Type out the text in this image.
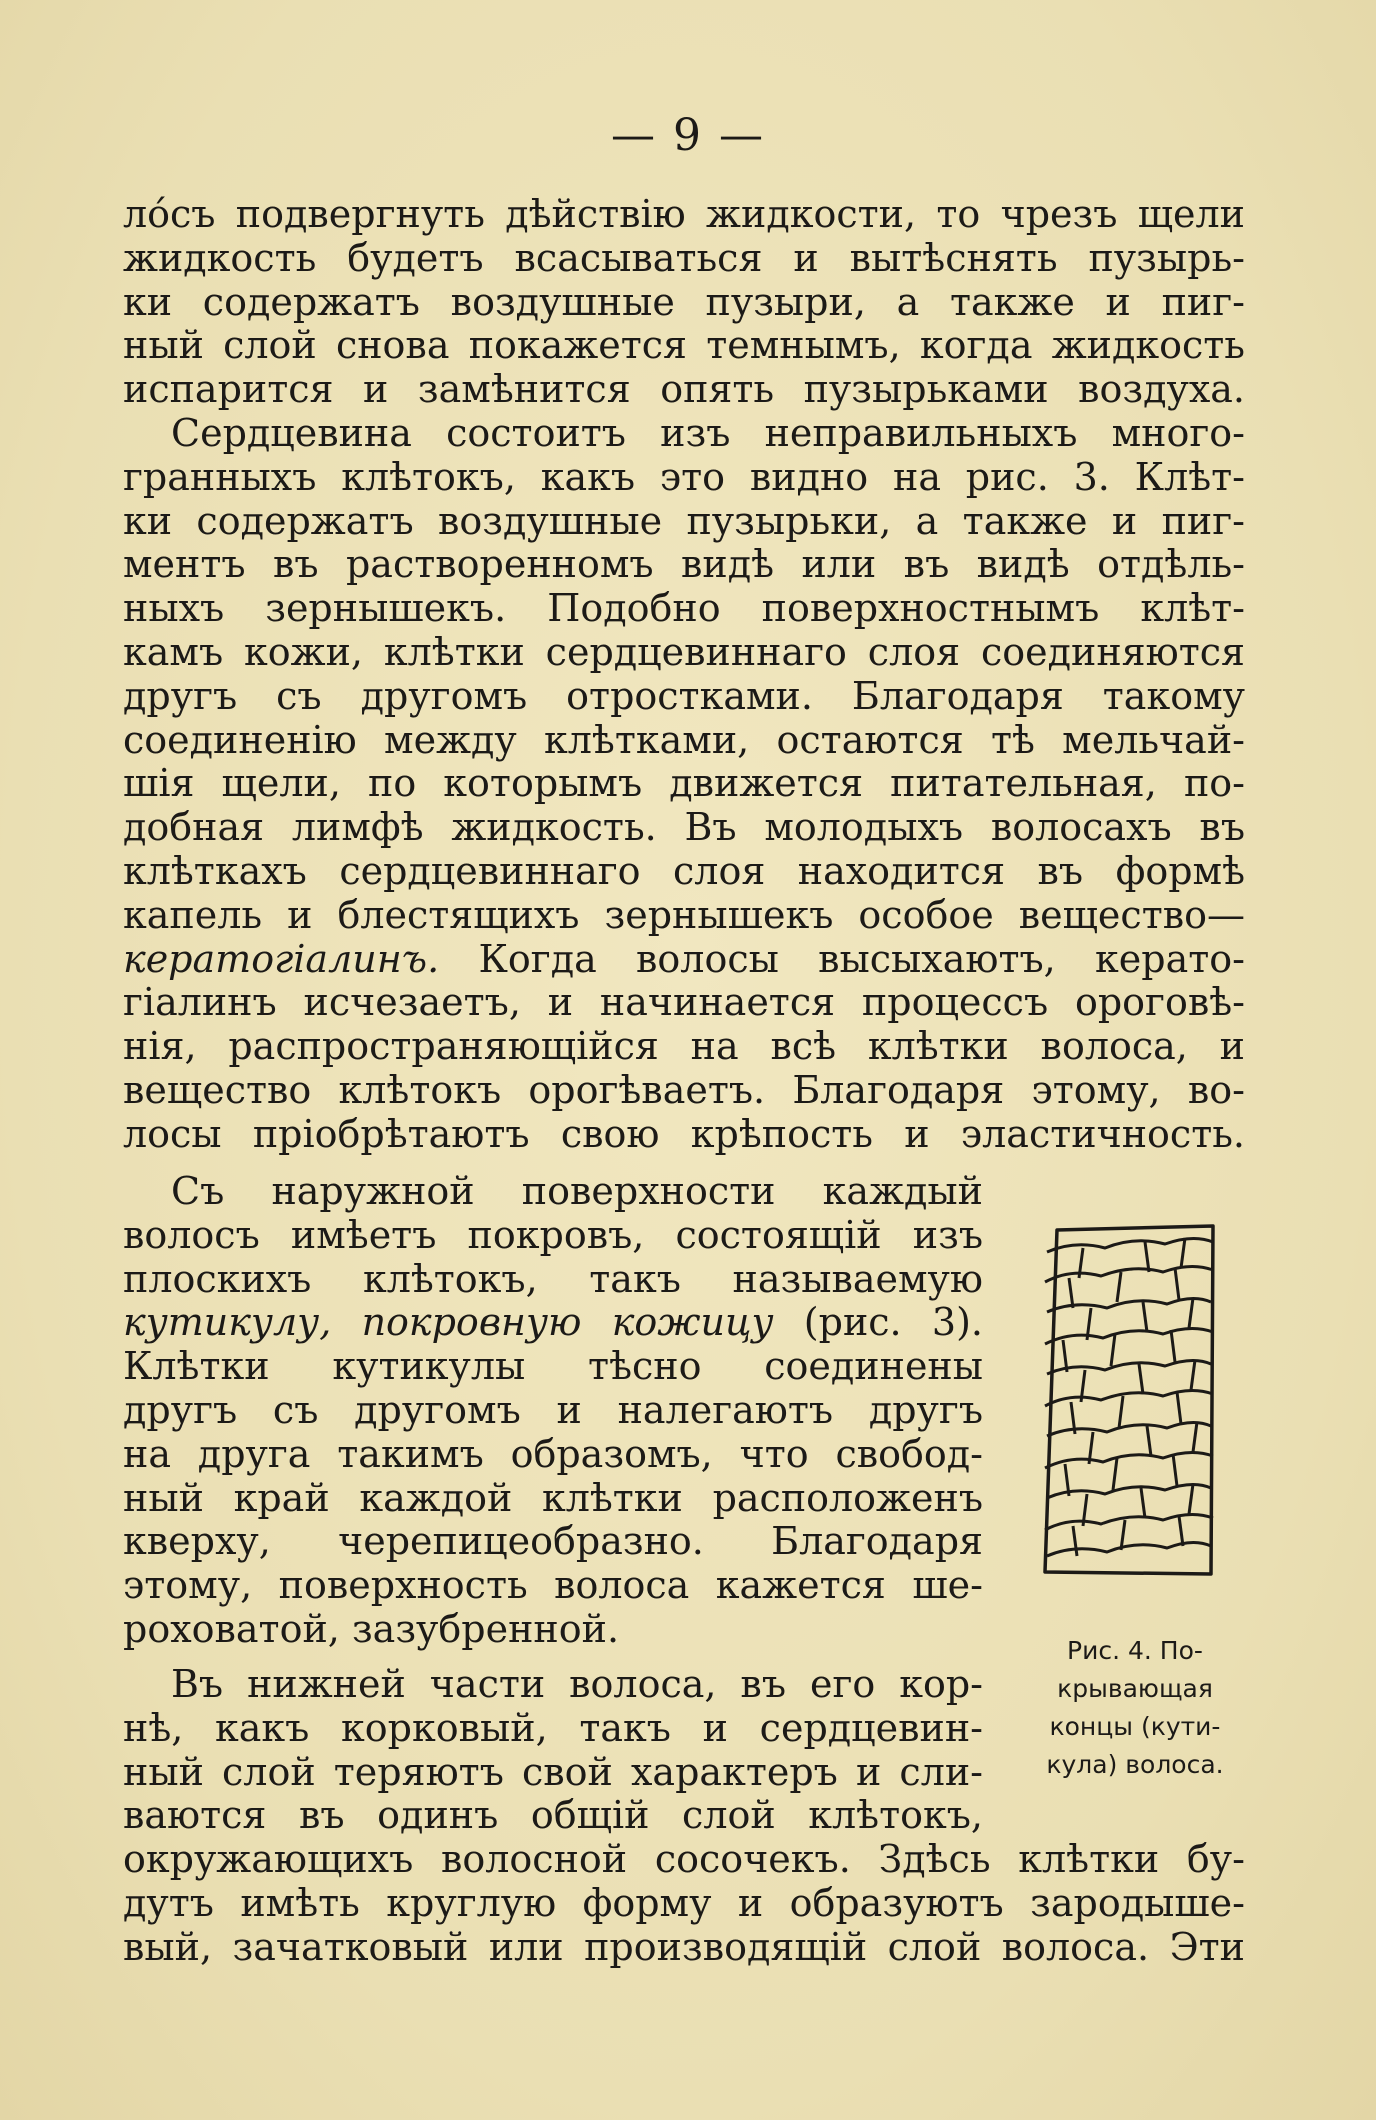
— 9 —
ло́съ подвергнуть дѣйствію жидкости, то чрезъ щели
жидкость будетъ всасываться и вытѣснять пузырь-
ки содержатъ воздушные пузыри, а также и пиг-
ный слой снова покажется темнымъ, когда жидкость
испарится и замѣнится опять пузырьками воздуха.
Сердцевина состоитъ изъ неправильныхъ много-
гранныхъ клѣтокъ, какъ это видно на рис. 3. Клѣт-
ки содержатъ воздушные пузырьки, а также и пиг-
ментъ въ растворенномъ видѣ или въ видѣ отдѣль-
ныхъ зернышекъ. Подобно поверхностнымъ клѣт-
камъ кожи, клѣтки сердцевиннаго слоя соединяются
другъ съ другомъ отростками. Благодаря такому
соединенію между клѣтками, остаются тѣ мельчай-
шія щели, по которымъ движется питательная, по-
добная лимфѣ жидкость. Въ молодыхъ волосахъ въ
клѣткахъ сердцевиннаго слоя находится въ формѣ
капель и блестящихъ зернышекъ особое вещество—
кератогіалинъ. Когда волосы высыхаютъ, керато-
гіалинъ исчезаетъ, и начинается процессъ ороговѣ-
нія, распространяющійся на всѣ клѣтки волоса, и
вещество клѣтокъ орогѣваетъ. Благодаря этому, во-
лосы пріобрѣтаютъ свою крѣпость и эластичность.
Съ наружной поверхности каждый
волосъ имѣетъ покровъ, состоящій изъ
плоскихъ клѣтокъ, такъ называемую
кутикулу, покровную кожицу (рис. 3).
Клѣтки кутикулы тѣсно соединены
другъ съ другомъ и налегаютъ другъ
на друга такимъ образомъ, что свобод-
ный край каждой клѣтки расположенъ
кверху, черепицеобразно. Благодаря
этому, поверхность волоса кажется ше-
роховатой, зазубренной.
Въ нижней части волоса, въ его кор-
нѣ, какъ корковый, такъ и сердцевин-
ный слой теряютъ свой характеръ и сли-
ваются въ одинъ общій слой клѣтокъ,
окружающихъ волосной сосочекъ. Здѣсь клѣтки бу-
дутъ имѣть круглую форму и образуютъ зародыше-
вый, зачатковый или производящій слой волоса. Эти
Рис. 4. По-
крывающая
концы (кути-
кула) волоса.
